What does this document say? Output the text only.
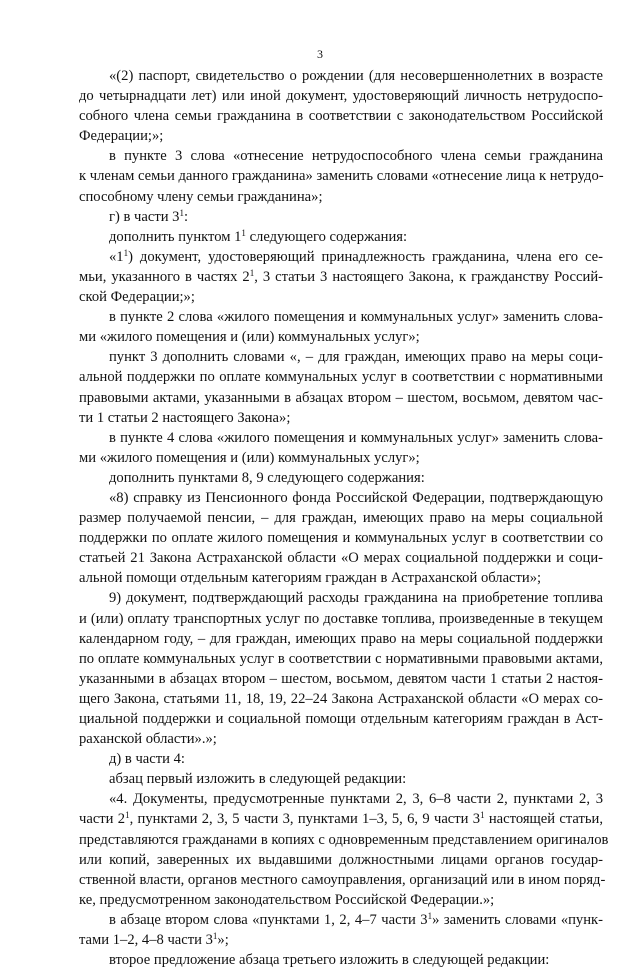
3
«(2) паспорт, свидетельство о рождении (для несовершеннолетних в возрасте
до четырнадцати лет) или иной документ, удостоверяющий личность нетрудоспо-
собного члена семьи гражданина в соответствии с законодательством Российской
Федерации;»;
в пункте 3 слова «отнесение нетрудоспособного члена семьи гражданина
к членам семьи данного гражданина» заменить словами «отнесение лица к нетрудо-
способному члену семьи гражданина»;
г) в части $3^1$:
дополнить пунктом $1^1$ следующего содержания:
«$1^1$) документ, удостоверяющий принадлежность гражданина, члена его се-
мьи, указанного в частях $2^1$, 3 статьи 3 настоящего Закона, к гражданству Россий-
ской Федерации;»;
в пункте 2 слова «жилого помещения и коммунальных услуг» заменить слова-
ми «жилого помещения и (или) коммунальных услуг»;
пункт 3 дополнить словами «, – для граждан, имеющих право на меры соци-
альной поддержки по оплате коммунальных услуг в соответствии с нормативными
правовыми актами, указанными в абзацах втором – шестом, восьмом, девятом час-
ти 1 статьи 2 настоящего Закона»;
в пункте 4 слова «жилого помещения и коммунальных услуг» заменить слова-
ми «жилого помещения и (или) коммунальных услуг»;
дополнить пунктами 8, 9 следующего содержания:
«8) справку из Пенсионного фонда Российской Федерации, подтверждающую
размер получаемой пенсии, – для граждан, имеющих право на меры социальной
поддержки по оплате жилого помещения и коммунальных услуг в соответствии со
статьей 21 Закона Астраханской области «О мерах социальной поддержки и соци-
альной помощи отдельным категориям граждан в Астраханской области»;
9) документ, подтверждающий расходы гражданина на приобретение топлива
и (или) оплату транспортных услуг по доставке топлива, произведенные в текущем
календарном году, – для граждан, имеющих право на меры социальной поддержки
по оплате коммунальных услуг в соответствии с нормативными правовыми актами,
указанными в абзацах втором – шестом, восьмом, девятом части 1 статьи 2 настоя-
щего Закона, статьями 11, 18, 19, 22–24 Закона Астраханской области «О мерах со-
циальной поддержки и социальной помощи отдельным категориям граждан в Аст-
раханской области».»;
д) в части 4:
абзац первый изложить в следующей редакции:
«4. Документы, предусмотренные пунктами 2, 3, 6–8 части 2, пунктами 2, 3
части $2^1$, пунктами 2, 3, 5 части 3, пунктами 1–3, 5, 6, 9 части $3^1$ настоящей статьи,
представляются гражданами в копиях с одновременным представлением оригиналов
или копий, заверенных их выдавшими должностными лицами органов государ-
ственной власти, органов местного самоуправления, организаций или в ином поряд-
ке, предусмотренном законодательством Российской Федерации.»;
в абзаце втором слова «пунктами 1, 2, 4–7 части $3^1$» заменить словами «пунк-
тами 1–2, 4–8 части $3^1$»;
второе предложение абзаца третьего изложить в следующей редакции:
